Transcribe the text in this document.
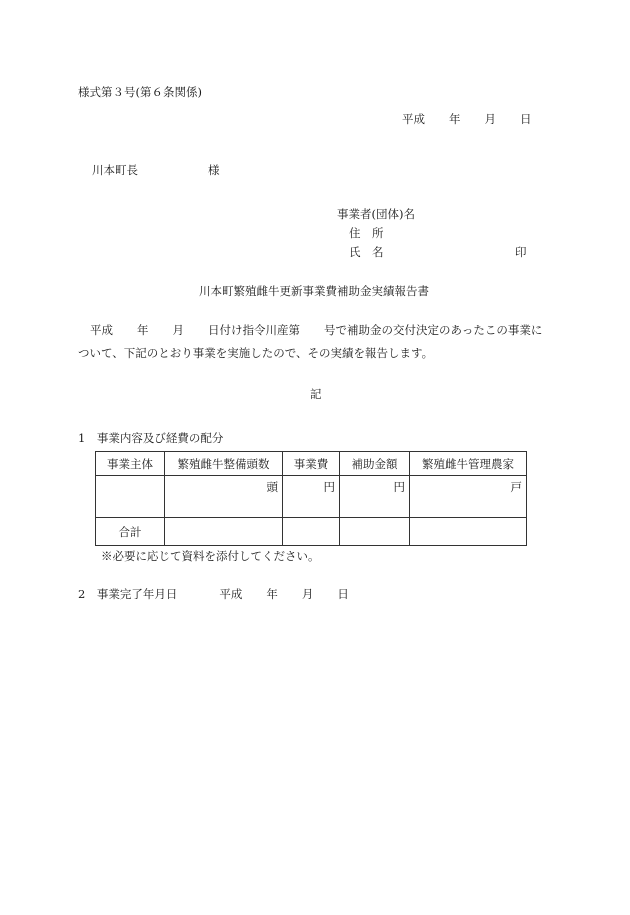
様式第３号(第６条関係)
平成 年 月 日
川本町長	様
事業者(団体)名
住　所
氏　名	印
川本町繁殖雌牛更新事業費補助金実績報告書
平成 年 月 日付け指令川産第 号で補助金の交付決定のあったこの事業に
ついて、下記のとおり事業を実施したので、その実績を報告します。
記
1　事業内容及び経費の配分
事業主体	繁殖雌牛整備頭数	事業費	補助金額	繁殖雌牛管理農家
	頭	円	円	戸
合計				
※必要に応じて資料を添付してください。
2　事業完了年月日	平成 年 月 日
